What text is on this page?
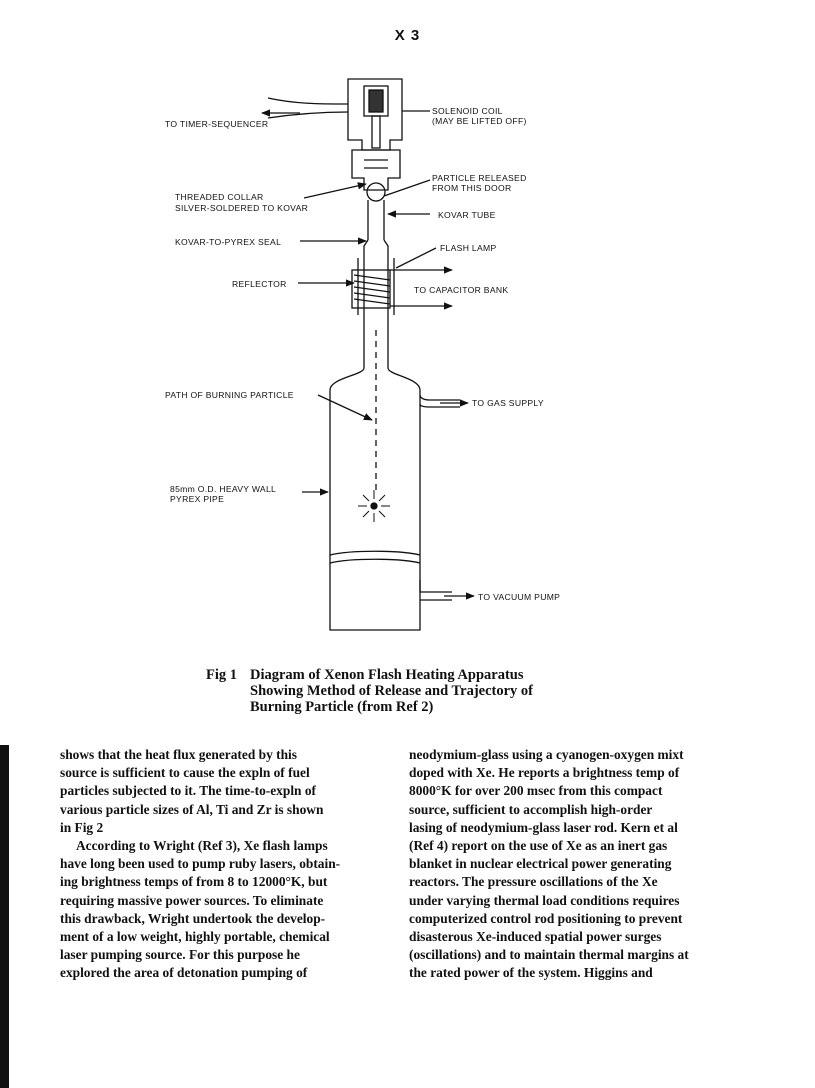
X 3
TO TIMER-SEQUENCER
SOLENOID COIL
(MAY BE LIFTED OFF)
PARTICLE RELEASED
FROM THIS DOOR
THREADED COLLAR
SILVER-SOLDERED TO KOVAR
KOVAR TUBE
KOVAR-TO-PYREX SEAL
FLASH LAMP
REFLECTOR
TO CAPACITOR BANK
PATH OF BURNING PARTICLE
TO GAS SUPPLY
85mm O.D. HEAVY WALL
PYREX PIPE
TO VACUUM PUMP
Fig 1 Diagram of Xenon Flash Heating Apparatus
Showing Method of Release and Trajectory of
Burning Particle (from Ref 2)
shows that the heat flux generated by this
source is sufficient to cause the expln of fuel
particles subjected to it. The time-to-expln of
various particle sizes of Al, Ti and Zr is shown
in Fig 2
According to Wright (Ref 3), Xe flash lamps
have long been used to pump ruby lasers, obtain-
ing brightness temps of from 8 to 12000°K, but
requiring massive power sources. To eliminate
this drawback, Wright undertook the develop-
ment of a low weight, highly portable, chemical
laser pumping source. For this purpose he
explored the area of detonation pumping of
neodymium-glass using a cyanogen-oxygen mixt
doped with Xe. He reports a brightness temp of
8000°K for over 200 msec from this compact
source, sufficient to accomplish high-order
lasing of neodymium-glass laser rod. Kern et al
(Ref 4) report on the use of Xe as an inert gas
blanket in nuclear electrical power generating
reactors. The pressure oscillations of the Xe
under varying thermal load conditions requires
computerized control rod positioning to prevent
disasterous Xe-induced spatial power surges
(oscillations) and to maintain thermal margins at
the rated power of the system. Higgins and
